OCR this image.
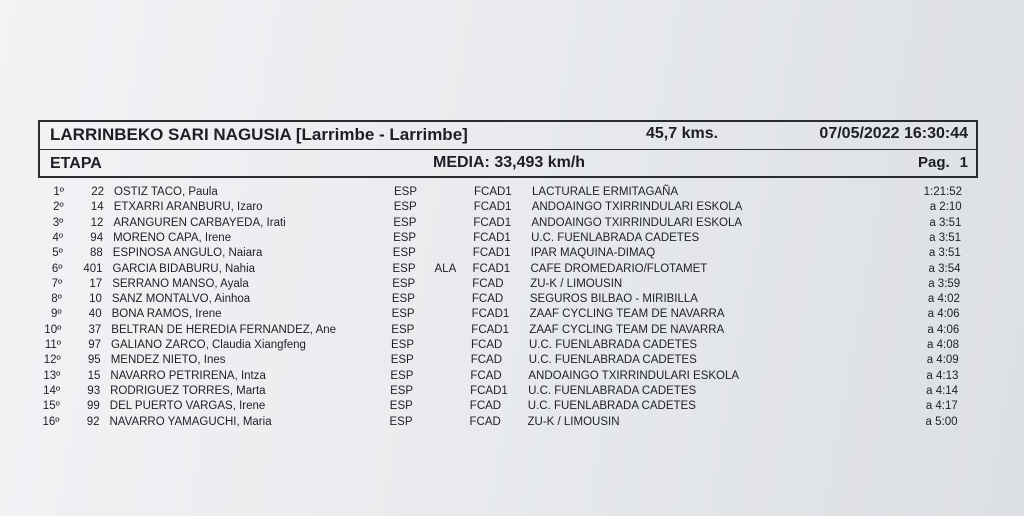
LARRINBEKO SARI NAGUSIA [Larrimbe - Larrimbe]	45,7 kms.	07/05/2022 16:30:44
ETAPA	MEDIA: 33,493 km/h	Pag. 1
1º	22 OSTIZ TACO, Paula	ESP	FCAD1 LACTURALE ERMITAGAÑA	1:21:52
2º	14 ETXARRI ARANBURU, Izaro	ESP	FCAD1 ANDOAINGO TXIRRINDULARI ESKOLA	a 2:10
3º	12 ARANGUREN CARBAYEDA, Irati	ESP	FCAD1 ANDOAINGO TXIRRINDULARI ESKOLA	a 3:51
4º	94 MORENO CAPA, Irene	ESP	FCAD1 U.C. FUENLABRADA CADETES	a 3:51
5º	88 ESPINOSA ANGULO, Naiara	ESP	FCAD1 IPAR MAQUINA-DIMAQ	a 3:51
6º	401 GARCIA BIDABURU, Nahia	ESP ALA FCAD1 CAFE DROMEDARIO/FLOTAMET	a 3:54
7º	17 SERRANO MANSO, Ayala	ESP	FCAD ZU-K / LIMOUSIN	a 3:59
8º	10 SANZ MONTALVO, Ainhoa	ESP	FCAD SEGUROS BILBAO - MIRIBILLA	a 4:02
9º	40 BONA RAMOS, Irene	ESP	FCAD1 ZAAF CYCLING TEAM DE NAVARRA	a 4:06
10º	37 BELTRAN DE HEREDIA FERNANDEZ, Ane	ESP	FCAD1 ZAAF CYCLING TEAM DE NAVARRA	a 4:06
11º	97 GALIANO ZARCO, Claudia Xiangfeng	ESP	FCAD U.C. FUENLABRADA CADETES	a 4:08
12º	95 MENDEZ NIETO, Ines	ESP	FCAD U.C. FUENLABRADA CADETES	a 4:09
13º	15 NAVARRO PETRIRENA, Intza	ESP	FCAD ANDOAINGO TXIRRINDULARI ESKOLA	a 4:13
14º	93 RODRIGUEZ TORRES, Marta	ESP	FCAD1 U.C. FUENLABRADA CADETES	a 4:14
15º	99 DEL PUERTO VARGAS, Irene	ESP	FCAD U.C. FUENLABRADA CADETES	a 4:17
16º	92 NAVARRO YAMAGUCHI, Maria	ESP	FCAD ZU-K / LIMOUSIN	a 5:00
